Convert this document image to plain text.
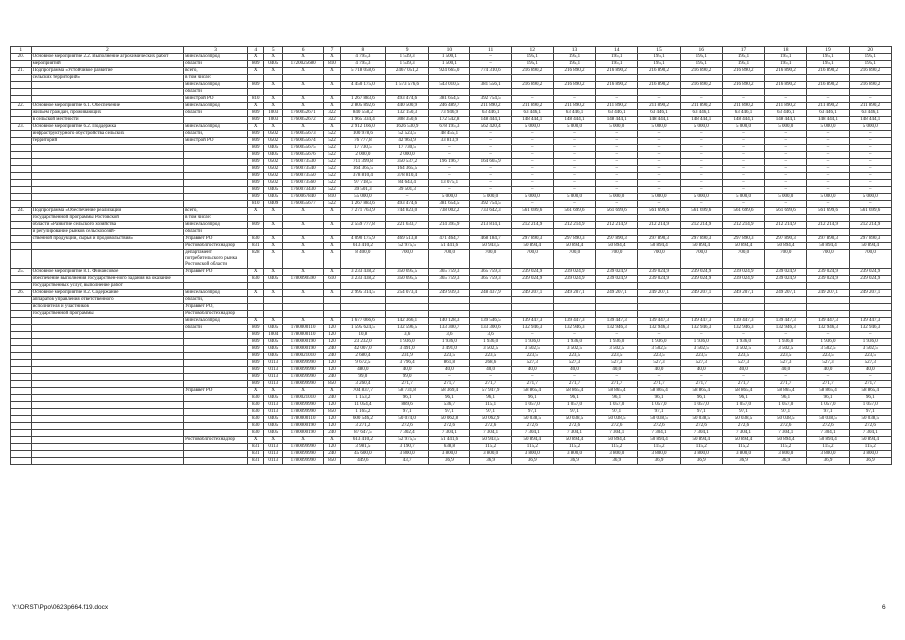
1	2	3	4	5	6	7	8	9	10	11	12	13	14	15	16	17	18	19	20
20.	Основное мероприятие 2.2. Выполнение агрохимических работ	минсельхозпрод	X	X	X	X	4 795,3	1 539,3	1 500,1	–	195,1	195,1	195,1	195,1	195,1	195,1	195,1	195,1	195,1
	мероприятий	области	809	0405	1720025680	810	4 795,3	1 539,3	1 500,1	–	195,1	195,1	195,1	195,1	195,1	195,1	195,1	195,1	195,1
21.	Подпрограмма «Устойчивое развитие	всего,	X	X	X	X	5 718 058,6	2467 051,2	924 665,0	774 310,6	216 890,2	216 890,2	216 890,2	216 890,2	216 890,2	216 890,2	216 890,2	216 890,2	216 890,2
	сельских территорий»	в том числе:																	
		минсельхозпрод	809	X	X	X	4 450 175,0	1 573 576,6	543 010,5	381 556,1	216 890,2	216 890,2	216 890,2	216 890,2	216 890,2	216 890,2	216 890,2	216 890,2	216 890,2
		области																	
		минстрой РО	810	X	X	X	1 267 883,6	493 474,6	381 654,5	392 754,5	–	–	–	–	–	–	–	–	–
22.	Основное мероприятие 6.1. Обеспечение	минсельхозпрод	X	X	X	X	2 805 892,6	440 500,9	246 489,7	211 890,2	211 890,2	211 890,2	211 890,2	211 890,2	211 890,2	211 890,2	211 890,2	211 890,2	211 890,2
	жильем граждан, проживающих	области	809	1003	1760052671	322	840 558,2	132 150,3	73 946,9	63 446,1	63 446,1	63 446,1	63 446,1	63 446,1	63 446,1	63 446,1	63 446,1	63 446,1	63 446,1
	в сельской местности		809	1003	1760052672	322	1 965 334,4	308 350,6	172 542,8	148 444,1	148 444,1	148 444,1	148 444,1	148 444,1	148 444,1	148 444,1	148 444,1	148 444,1	148 444,1
23.	Основное мероприятие 6.2. Поддержка	минсельхозпрод	X	X	X	X	2 912 166,0	1626 530,9	678 195,3	562 420,4	5 000,0	5 000,0	5 000,0	5 000,0	5 000,0	5 000,0	5 000,0	5 000,0	5 000,0
	инфраструктурного обустройства сельских	области,	809	0502	1760055673	522	100 978,6	52 523,5	48 455,1	–	–	–	–	–	–	–	–	–	–
	территорий	минстрой РО	809	0502	1760055674	522	76 777,8	42 963,9	33 813,9	–	–	–	–	–	–	–	–	–	–
			809	0405	1760055675	522	17 730,5	17 730,5	–	–	–	–	–	–	–	–	–	–	–
			809	0405	1760055676	522	2 000,0	2 000,0	–	–	–	–	–	–	–	–	–	–	–
			809	0502	1760073530	522	711 399,8	350 537,2	196 196,7	164 665,9	–	–	–	–	–	–	–	–	–
			809	0502	1760073540	522	164 365,5	164 365,5	–	–	–	–	–	–	–	–	–	–	–
			809	0502	1760073550	522	378 810,4	378 810,4	–	–	–	–	–	–	–	–	–	–	–
			809	0502	1760073560	522	97 718,5	84 643,4	13 075,1	–	–	–	–	–	–	–	–	–	–
			809	0405	1760073430	522	39 501,3	39 501,3	–	–	–	–	–	–	–	–	–	–	–
			809	0405	1760067840	810	55 000,0	–	5 000,0	5 000,0	5 000,0	5 000,0	5 000,0	5 000,0	5 000,0	5 000,0	5 000,0	5 000,0	5 000,0
			810	0409	1760055677	522	1 267 883,6	493 474,6	381 654,5	392 754,5	–	–	–	–	–	–	–	–	–
24.	Подпрограмма «Обеспечение реализации	всего,	X	X	X	X	7 271 763,9	744 823,0	738 002,2	733 642,3	561 699,6	561 699,6	561 699,6	561 699,6	561 699,6	561 699,6	561 699,6	561 699,6	561 699,6
	государственной программы Ростовской	в том числе:																	
	области «Развитие сельского хозяйства	минсельхозпрод	809	X	X	X	2 559 777,8	221 633,7	214 395,9	213 814,1	212 214,9	212 214,9	212 214,9	212 214,9	212 214,9	212 214,9	212 214,9	212 214,9	212 214,9
	и регулирование рынков сельскохозяй-	области																	
	ственной продукции, сырья и продовольствия»	Управвет РО	830	X	X	X	4 090 175,9	469 513,8	471 464,7	468 184,7	297 890,3	297 890,3	297 890,3	297 890,3	297 890,3	297 890,3	297 890,3	297 890,3	297 890,3
		Ростовоблгостехнадзор	831	X	X	X	613 410,2	52 975,5	51 441,6	50 943,5	50 894,4	50 894,4	50 894,4	50 894,4	50 894,4	50 894,4	50 894,4	50 894,4	50 894,4
		департамент потребительского рынка Ростовской области	828	X	X	X	8 400,0	700,0	700,0	700,0	700,0	700,0	700,0	700,0	700,0	700,0	700,0	700,0	700,0
25.	Основное мероприятие 8.1. Финансовое	Управвет РО	X	X	X	X	3 233 438,2	350 695,5	365 759,3	365 759,3	239 024,9	239 024,9	239 024,9	239 024,9	239 024,9	239 024,9	239 024,9	239 024,9	239 024,9
	обеспечение выполнения государствен-ного задания на оказание		830	0405	1780090590	610	3 233 438,2	350 695,5	365 759,3	365 759,3	239 024,9	239 024,9	239 024,9	239 024,9	239 024,9	239 024,9	239 024,9	239 024,9	239 024,9
	государственных услуг, выполнение работ																		
26.	Основное мероприятие 8.2. Содержание	минсельхозпрод	X	X	X	X	2 995 314,5	254 073,4	249 939,3	248 437,9	249 207,1	249 207,1	249 207,1	249 207,1	249 207,1	249 207,1	249 207,1	249 207,1	249 207,1
	аппаратов управления ответственного	области,																	
	исполнителя и участников	Управвет РО,																	
	государственной программы	Ростовоблгостехнадзор																	
		минсельхозпрод	X	X	X	X	1 677 066,6	142 366,1	140 128,3	139 546,5	139 447,3	139 447,3	139 447,3	139 447,3	139 447,3	139 447,3	139 447,3	139 447,3	139 447,3
		области	809	0405	1780000110	120	1 595 624,5	132 596,5	133 300,7	133 300,6	132 946,3	132 946,3	132 946,3	132 946,3	132 946,3	132 946,3	132 946,3	132 946,3	132 946,3
			809	1004	1780000110	120	10,8	3,6	3,6	3,6	–	–	–	–	–	–	–	–	–
			809	0405	1780000190	120	23 232,0	1 936,0	1 936,0	1 936,0	1 936,0	1 936,0	1 936,0	1 936,0	1 936,0	1 936,0	1 936,0	1 936,0	1 936,0
			809	0405	1780000190	240	42 007,0	3 491,0	3 491,0	3 502,5	3 502,5	3 502,5	3 502,5	3 502,5	3 502,5	3 502,5	3 502,5	3 502,5	3 502,5
			809	0405	1780021010	240	2 680,4	231,9	223,5	223,5	223,5	223,5	223,5	223,5	223,5	223,5	223,5	223,5	223,5
			809	0113	1780099990	120	9 672,5	3 796,4	861,8	268,6	527,3	527,3	527,3	527,3	527,3	527,3	527,3	527,3	527,3
			809	0113	1780099990	120	480,0	40,0	40,0	40,0	40,0	40,0	40,0	40,0	40,0	40,0	40,0	40,0	40,0
			809	0113	1780099990	240	99,0	99,0	–	–	–	–	–	–	–	–	–	–	–
			809	0113	1780099990	850	3 260,4	271,7	271,7	271,7	271,7	271,7	271,7	271,7	271,7	271,7	271,7	271,7	271,7
		Управвет РО	X	X	X	X	704 837,7	58 731,8	58 369,4	57 947,9	58 865,4	58 865,4	58 865,4	58 865,4	58 865,4	58 865,4	58 865,4	58 865,4	58 865,4
			830	0405	1780021010	240	1 153,2	96,1	96,1	96,1	96,1	96,1	96,1	96,1	96,1	96,1	96,1	96,1	96,1
			830	0113	1780099990	120	11 054,4	889,6	536,7	115,1	1 057,0	1 057,0	1 057,0	1 057,0	1 057,0	1 057,0	1 057,0	1 057,0	1 057,0
			830	0113	1780099990	850	1 165,2	97,1	97,1	97,1	97,1	97,1	97,1	97,1	97,1	97,1	97,1	97,1	97,1
			830	0405	1780000110	120	600 546,2	50 074,0	50 062,8	50 062,9	50 038,5	50 038,5	50 038,5	50 038,5	50 038,5	50 038,5	50 038,5	50 038,5	50 038,5
			830	0405	1780000190	120	3 271,2	272,6	272,6	272,6	272,6	272,6	272,6	272,6	272,6	272,6	272,6	272,6	272,6
			830	0405	1780000190	240	87 647,5	7 302,4	7 304,1	7 304,1	7 304,1	7 304,1	7 304,1	7 304,1	7 304,1	7 304,1	7 304,1	7 304,1	7 304,1
		Ростовоблгостехнадзор	X	X	X	X	613 410,2	52 975,5	51 441,6	50 943,5	50 894,4	50 894,4	50 894,4	50 894,4	50 894,4	50 894,4	50 894,4	50 894,4	50 894,4
			831	0113	1780099990	120	3 981,5	3 190,7	638,8	115,2	115,2	115,2	115,2	115,2	115,2	115,2	115,2	115,2	115,2
			831	0113	1780099990	240	45 600,0	3 800,0	3 800,0	3 800,0	3 800,0	3 800,0	3 800,0	3 800,0	3 800,0	3 800,0	3 800,0	3 800,0	3 800,0
			831	0113	1780099990	850	449,6	43,7	36,9	36,9	36,9	36,9	36,9	36,9	36,9	36,9	36,9	36,9	36,9
Y:\ORST\Ppo\0623p664.f19.docx	6
